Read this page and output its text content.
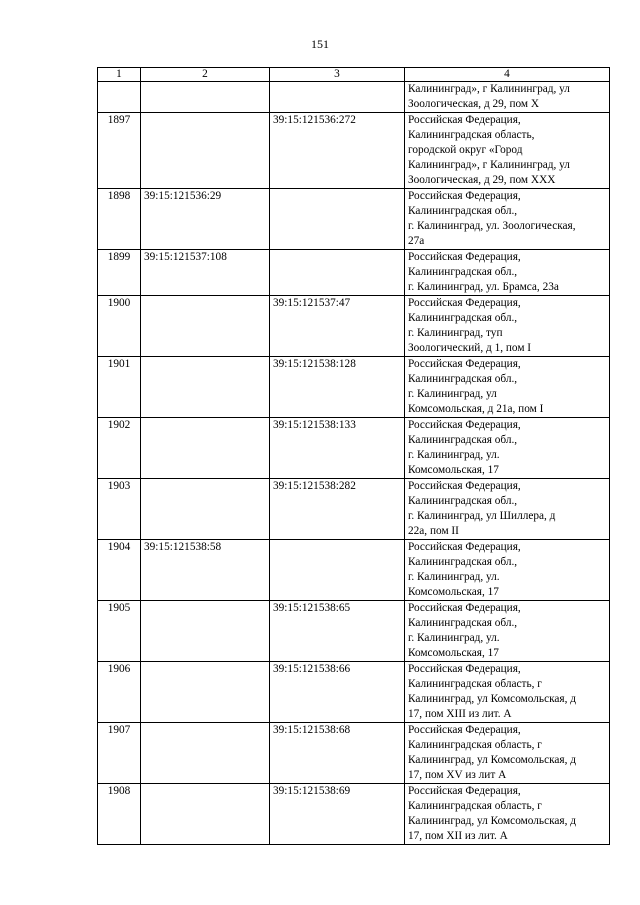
151
1	2	3	4
			Калининград», г Калининград, ул
Зоологическая, д 29, пом Х
1897		39:15:121536:272	Российская Федерация,
Калининградская область,
городской округ «Город
Калининград», г Калининград, ул
Зоологическая, д 29, пом XXX
1898	39:15:121536:29		Российская Федерация,
Калининградская обл.,
г. Калининград, ул. Зоологическая,
27а
1899	39:15:121537:108		Российская Федерация,
Калининградская обл.,
г. Калининград, ул. Брамса, 23а
1900		39:15:121537:47	Российская Федерация,
Калининградская обл.,
г. Калининград, туп
Зоологический, д 1, пом I
1901		39:15:121538:128	Российская Федерация,
Калининградская обл.,
г. Калининград, ул
Комсомольская, д 21а, пом I
1902		39:15:121538:133	Российская Федерация,
Калининградская обл.,
г. Калининград, ул.
Комсомольская, 17
1903		39:15:121538:282	Российская Федерация,
Калининградская обл.,
г. Калининград, ул Шиллера, д
22а, пом II
1904	39:15:121538:58		Российская Федерация,
Калининградская обл.,
г. Калининград, ул.
Комсомольская, 17
1905		39:15:121538:65	Российская Федерация,
Калининградская обл.,
г. Калининград, ул.
Комсомольская, 17
1906		39:15:121538:66	Российская Федерация,
Калининградская область, г
Калининград, ул Комсомольская, д
17, пом XIII из лит. А
1907		39:15:121538:68	Российская Федерация,
Калининградская область, г
Калининград, ул Комсомольская, д
17, пом XV из лит А
1908		39:15:121538:69	Российская Федерация,
Калининградская область, г
Калининград, ул Комсомольская, д
17, пом XII из лит. А
